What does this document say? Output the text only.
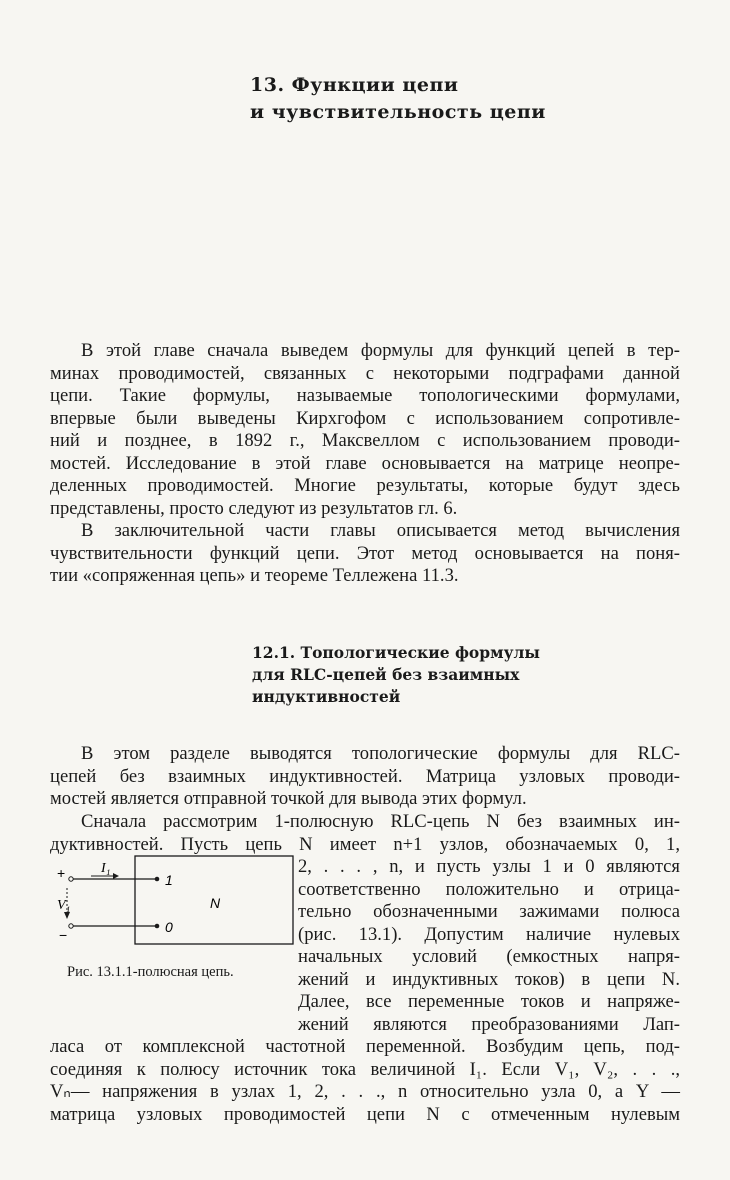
13. Функции цепи
и чувствительность цепи
В этой главе сначала выведем формулы для функций цепей в тер-
минах проводимостей, связанных с некоторыми подграфами данной
цепи. Такие формулы, называемые топологическими формулами,
впервые были выведены Кирхгофом с использованием сопротивле-
ний и позднее, в 1892 г., Максвеллом с использованием проводи-
мостей. Исследование в этой главе основывается на матрице неопре-
деленных проводимостей. Многие результаты, которые будут здесь
представлены, просто следуют из результатов гл. 6.
В заключительной части главы описывается метод вычисления
чувствительности функций цепи. Этот метод основывается на поня-
тии «сопряженная цепь» и теореме Теллежена 11.3.
12.1. Топологические формулы
для RLC-цепей без взаимных
индуктивностей
В этом разделе выводятся топологические формулы для RLC-
цепей без взаимных индуктивностей. Матрица узловых проводи-
мостей является отправной точкой для вывода этих формул.
Сначала рассмотрим 1-полюсную RLC-цепь N без взаимных ин-
дуктивностей. Пусть цепь N имеет n+1 узлов, обозначаемых 0, 1,
2, . . . , n, и пусть узлы 1 и 0 являются
соответственно положительно и отрица-
тельно обозначенными зажимами полюса
(рис. 13.1). Допустим наличие нулевых
начальных условий (емкостных напря-
жений и индуктивных токов) в цепи N.
Далее, все переменные токов и напряже-
жений являются преобразованиями Лап-
ласа от комплексной частотной переменной. Возбудим цепь, под-
соединяя к полюсу источник тока величиной I₁. Если V₁, V₂, . . .,
Vₙ— напряжения в узлах 1, 2, . . ., n относительно узла 0, а Y —
матрица узловых проводимостей цепи N с отмеченным нулевым
+
−
I₁
V₁
1
0
N
Рис. 13.1.1-полюсная цепь.
